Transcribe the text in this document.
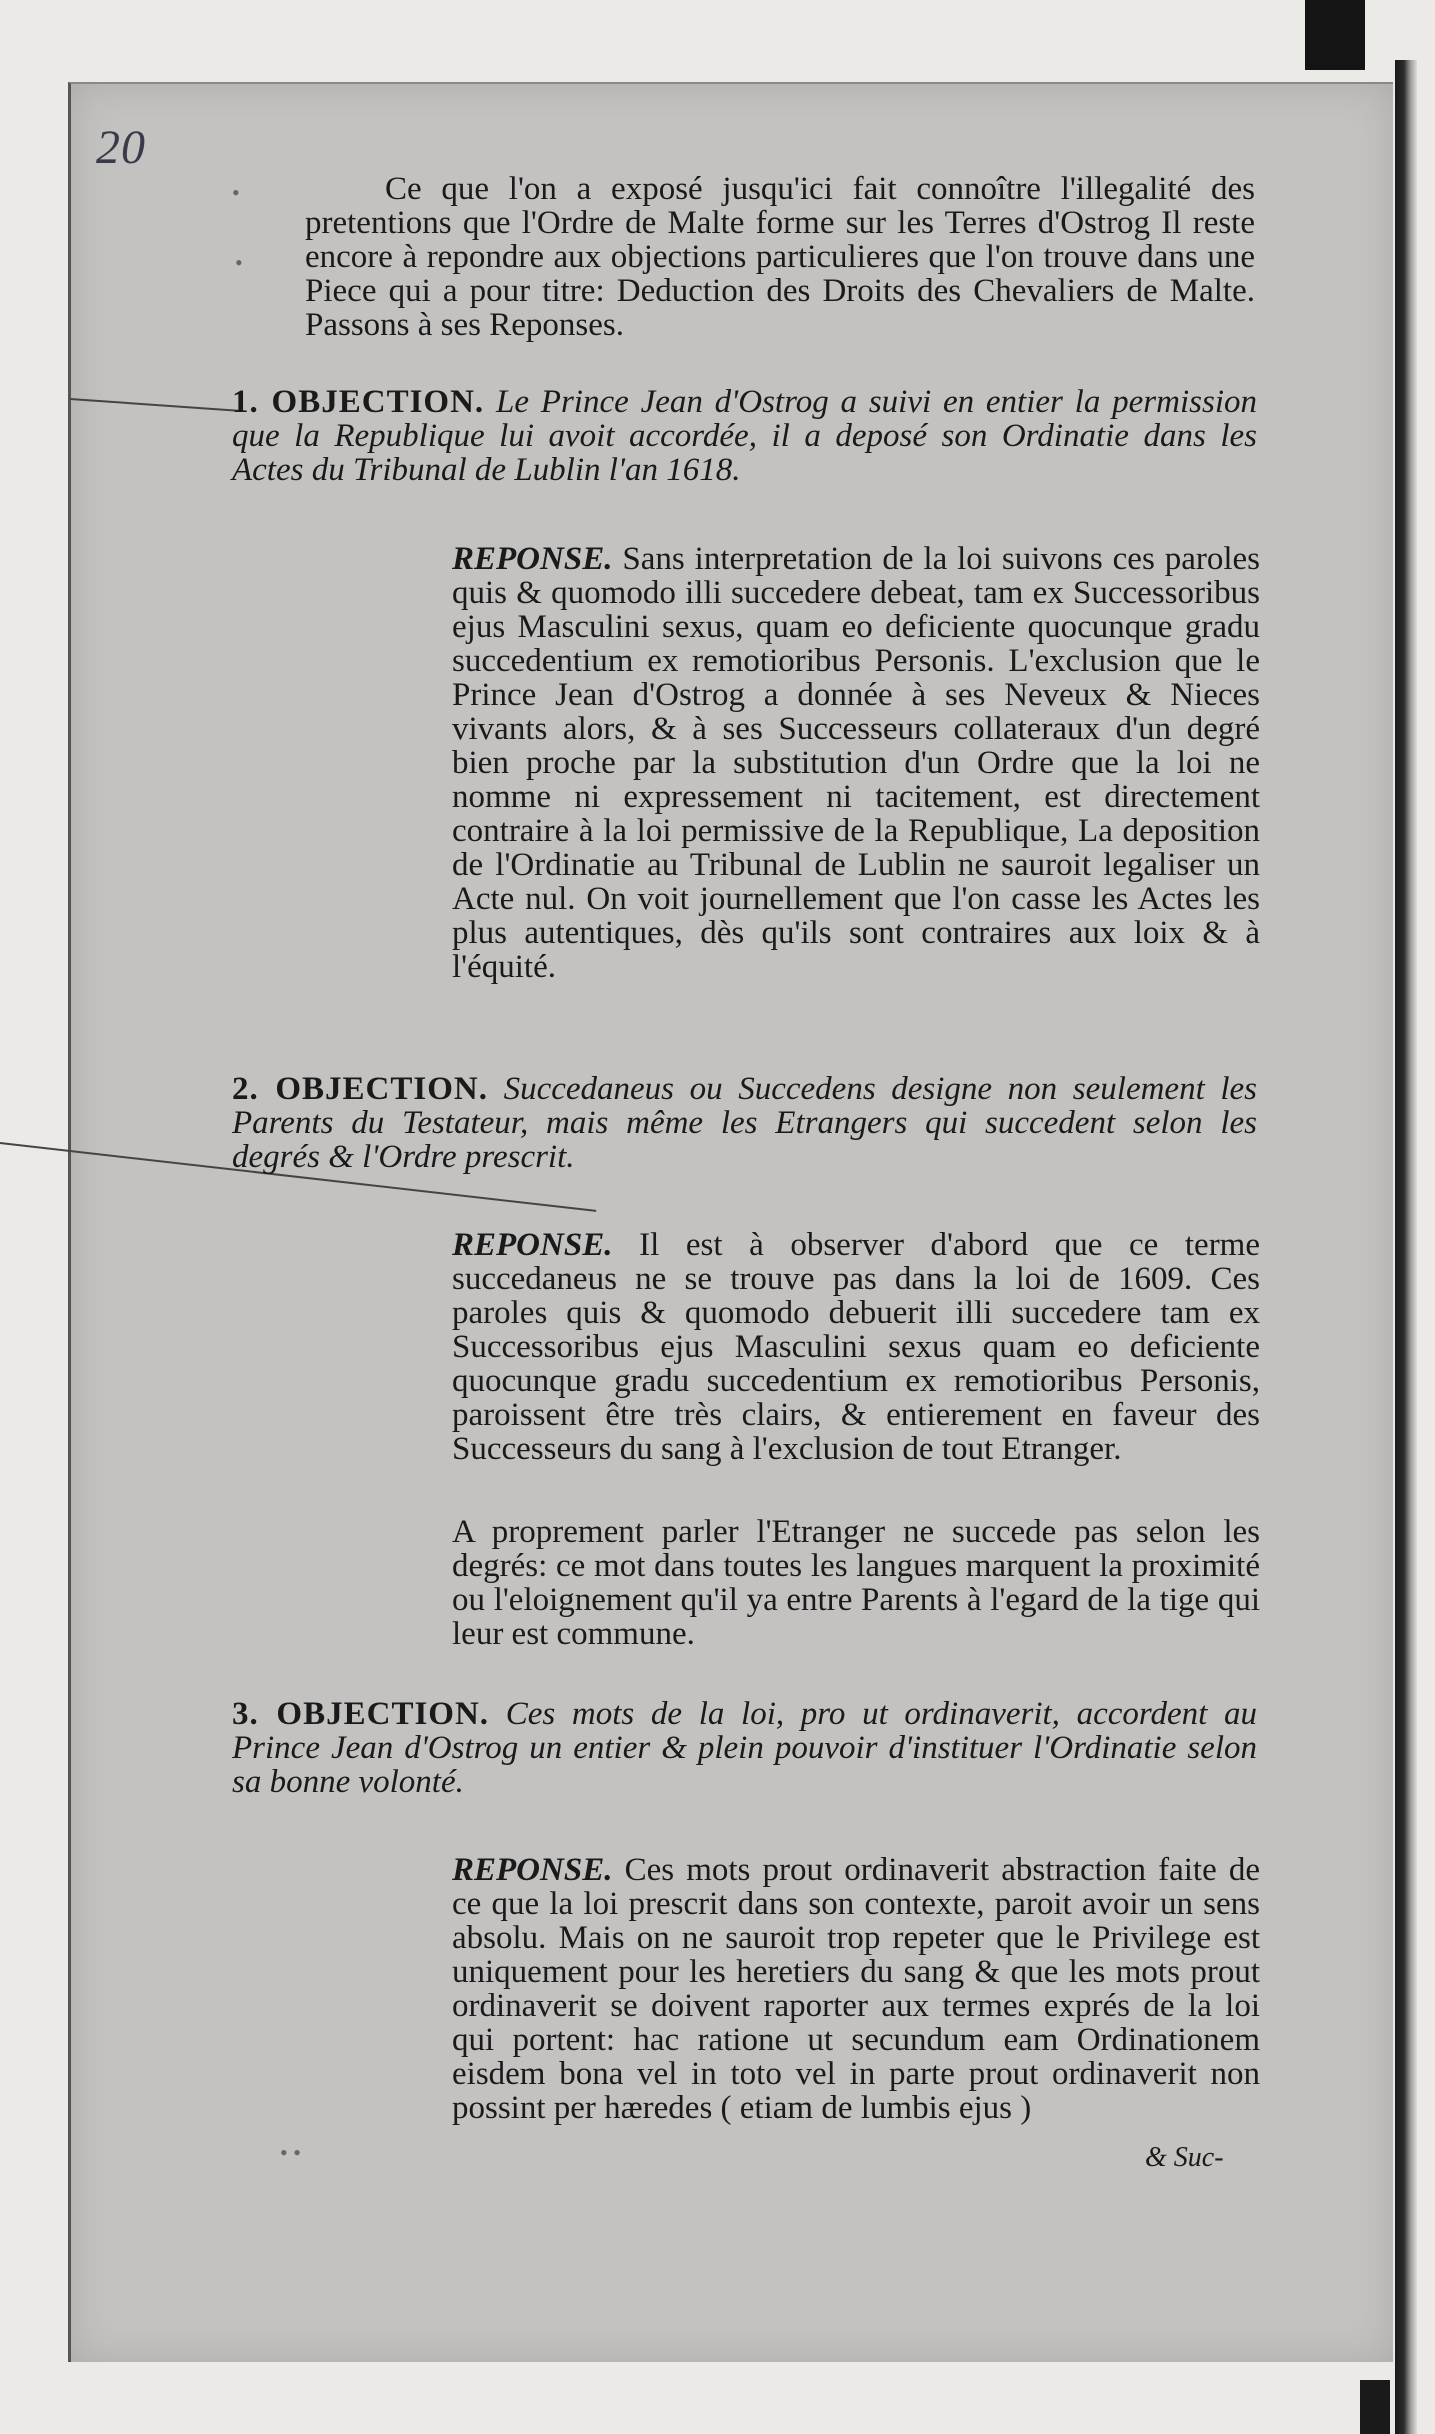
•
•
• •
20
Ce que l'on a exposé jusqu'ici fait connoître l'illegalité des pretentions que l'Ordre de Malte forme sur les Terres d'Ostrog Il reste encore à repondre aux objections particulieres que l'on trouve dans une Piece qui a pour titre: Deduction des Droits des Chevaliers de Malte. Passons à ses Reponses.
1. OBJECTION. Le Prince Jean d'Ostrog a suivi en entier la permission que la Republique lui avoit accordée, il a deposé son Ordinatie dans les Actes du Tribunal de Lublin l'an 1618.
REPONSE. Sans interpretation de la loi suivons ces paroles quis & quomodo illi succedere debeat, tam ex Successoribus ejus Masculini sexus, quam eo deficiente quocunque gradu succedentium ex remotioribus Personis. L'exclusion que le Prince Jean d'Ostrog a donnée à ses Neveux & Nieces vivants alors, & à ses Successeurs collateraux d'un degré bien proche par la substitution d'un Ordre que la loi ne nomme ni expressement ni tacitement, est directement contraire à la loi permissive de la Republique, La deposition de l'Ordinatie au Tribunal de Lublin ne sauroit legaliser un Acte nul. On voit journellement que l'on casse les Actes les plus autentiques, dès qu'ils sont contraires aux loix & à l'équité.
2. OBJECTION. Succedaneus ou Succedens designe non seulement les Parents du Testateur, mais même les Etrangers qui succedent selon les degrés & l'Ordre prescrit.
REPONSE. Il est à observer d'abord que ce terme succedaneus ne se trouve pas dans la loi de 1609. Ces paroles quis & quomodo debuerit illi succedere tam ex Successoribus ejus Masculini sexus quam eo deficiente quocunque gradu succedentium ex remotioribus Personis, paroissent être très clairs, & entierement en faveur des Successeurs du sang à l'exclusion de tout Etranger.
A proprement parler l'Etranger ne succede pas selon les degrés: ce mot dans toutes les langues marquent la proximité ou l'eloignement qu'il ya entre Parents à l'egard de la tige qui leur est commune.
3. OBJECTION. Ces mots de la loi, pro ut ordinaverit, accordent au Prince Jean d'Ostrog un entier & plein pouvoir d'instituer l'Ordinatie selon sa bonne volonté.
REPONSE. Ces mots prout ordinaverit abstraction faite de ce que la loi prescrit dans son contexte, paroit avoir un sens absolu. Mais on ne sauroit trop repeter que le Privilege est uniquement pour les heretiers du sang & que les mots prout ordinaverit se doivent raporter aux termes exprés de la loi qui portent: hac ratione ut secundum eam Ordinationem eisdem bona vel in toto vel in parte prout ordinaverit non possint per hæredes ( etiam de lumbis ejus )
& Suc-
